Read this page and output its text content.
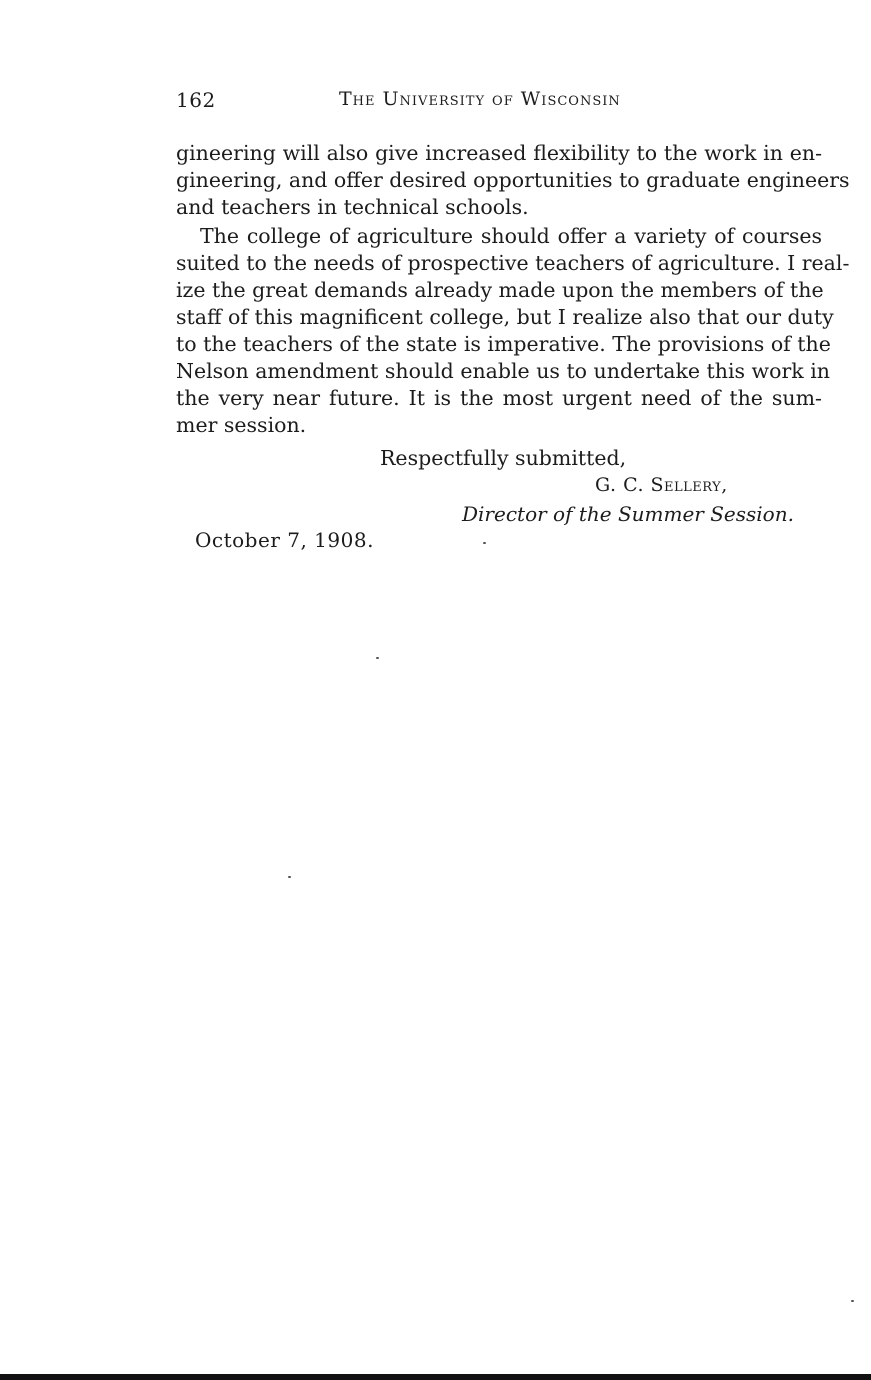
162	The University of Wisconsin
gineering will also give increased flexibility to the work in en-
gineering, and offer desired opportunities to graduate engineers
and teachers in technical schools.
The college of agriculture should offer a variety of courses
suited to the needs of prospective teachers of agriculture. I real-
ize the great demands already made upon the members of the
staff of this magnificent college, but I realize also that our duty
to the teachers of the state is imperative. The provisions of the
Nelson amendment should enable us to undertake this work in
the very near future. It is the most urgent need of the sum-
mer session.
Respectfully submitted,
G. C. Sellery,
Director of the Summer Session.
October 7, 1908.
